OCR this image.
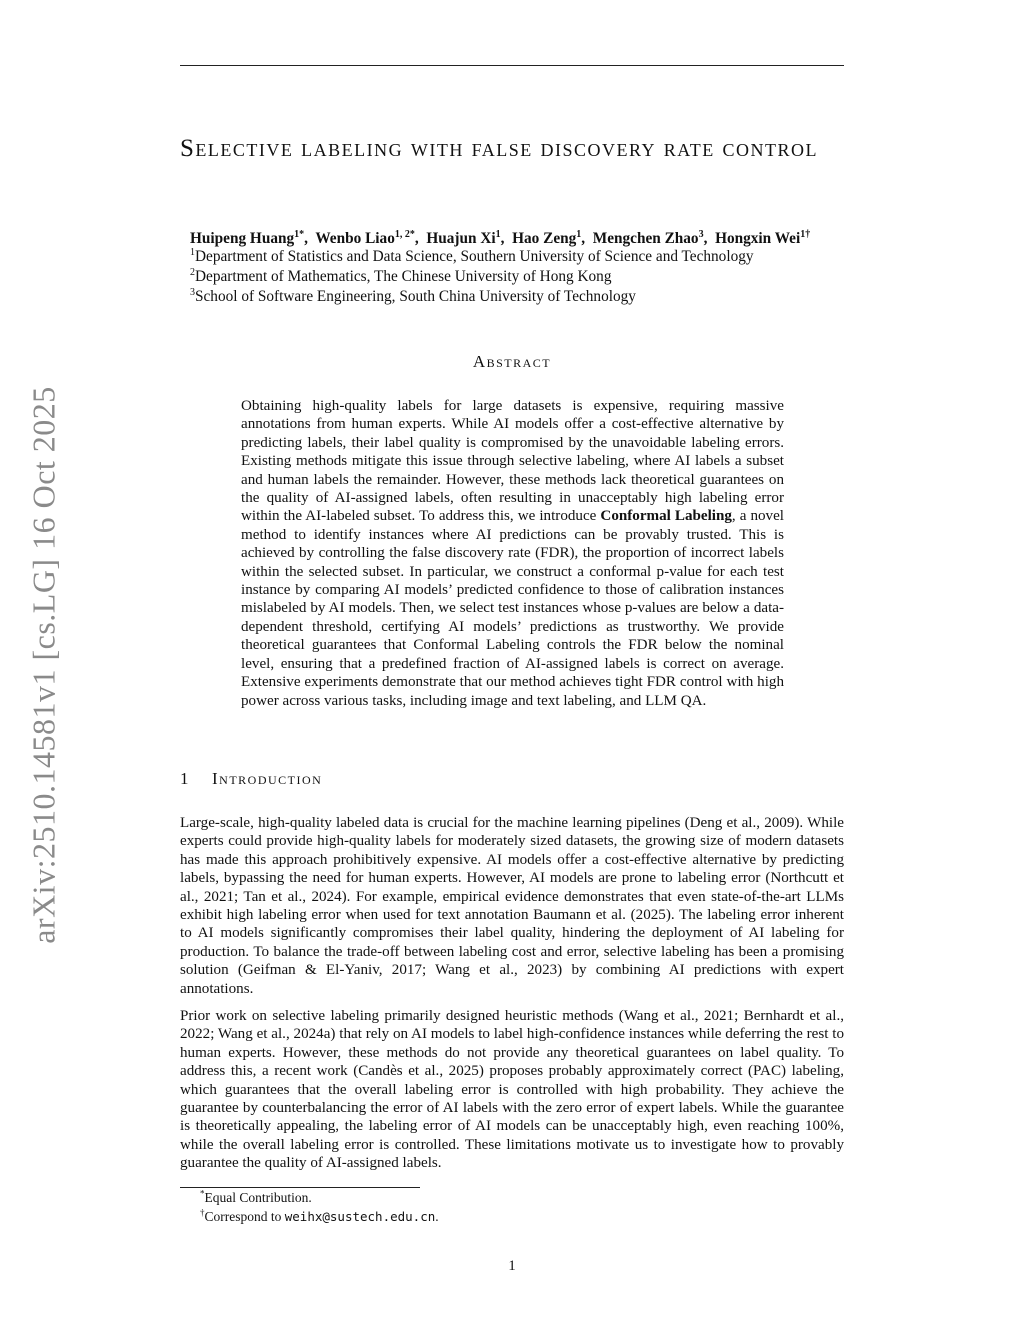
arXiv:2510.14581v1 [cs.LG] 16 Oct 2025
Selective labeling with false discovery rate control
Huipeng Huang$^{1*}$,  Wenbo Liao$^{1, 2*}$,  Huajun Xi$^1$,  Hao Zeng$^1$,  Mengchen Zhao$^3$,  Hongxin Wei$^{1\dagger}$
$^1$Department of Statistics and Data Science, Southern University of Science and Technology
$^2$Department of Mathematics, The Chinese University of Hong Kong
$^3$School of Software Engineering, South China University of Technology
Abstract

Obtaining high-quality labels for large datasets is expensive, requiring massive annotations from human experts. While AI models offer a cost-effective alternative by predicting labels, their label quality is compromised by the unavoidable labeling errors. Existing methods mitigate this issue through selective labeling, where AI labels a subset and human labels the remainder. However, these methods lack theoretical guarantees on the quality of AI-assigned labels, often resulting in unacceptably high labeling error within the AI-labeled subset. To address this, we introduce Conformal Labeling, a novel method to identify instances where AI predictions can be provably trusted. This is achieved by controlling the false discovery rate (FDR), the proportion of incorrect labels within the selected subset. In particular, we construct a conformal p-value for each test instance by comparing AI models’ predicted confidence to those of calibration instances mislabeled by AI models. Then, we select test instances whose p-values are below a data-dependent threshold, certifying AI models’ predictions as trustworthy. We provide theoretical guarantees that Conformal Labeling controls the FDR below the nominal level, ensuring that a predefined fraction of AI-assigned labels is correct on average. Extensive experiments demonstrate that our method achieves tight FDR control with high power across various tasks, including image and text labeling, and LLM QA.

1 Introduction

Large-scale, high-quality labeled data is crucial for the machine learning pipelines (Deng et al., 2009). While experts could provide high-quality labels for moderately sized datasets, the growing size of modern datasets has made this approach prohibitively expensive. AI models offer a cost-effective alternative by predicting labels, bypassing the need for human experts. However, AI models are prone to labeling error (Northcutt et al., 2021; Tan et al., 2024). For example, empirical evidence demonstrates that even state-of-the-art LLMs exhibit high labeling error when used for text annotation Baumann et al. (2025). The labeling error inherent to AI models significantly compromises their label quality, hindering the deployment of AI labeling for production. To balance the trade-off between labeling cost and error, selective labeling has been a promising solution (Geifman & El-Yaniv, 2017; Wang et al., 2023) by combining AI predictions with expert annotations.

Prior work on selective labeling primarily designed heuristic methods (Wang et al., 2021; Bernhardt et al., 2022; Wang et al., 2024a) that rely on AI models to label high-confidence instances while deferring the rest to human experts. However, these methods do not provide any theoretical guarantees on label quality. To address this, a recent work (Candès et al., 2025) proposes probably approximately correct (PAC) labeling, which guarantees that the overall labeling error is controlled with high probability. They achieve the guarantee by counterbalancing the error of AI labels with the zero error of expert labels. While the guarantee is theoretically appealing, the labeling error of AI models can be unacceptably high, even reaching 100%, while the overall labeling error is controlled. These limitations motivate us to investigate how to provably guarantee the quality of AI-assigned labels.

*Equal Contribution.
†Correspond to weihx@sustech.edu.cn.
1
